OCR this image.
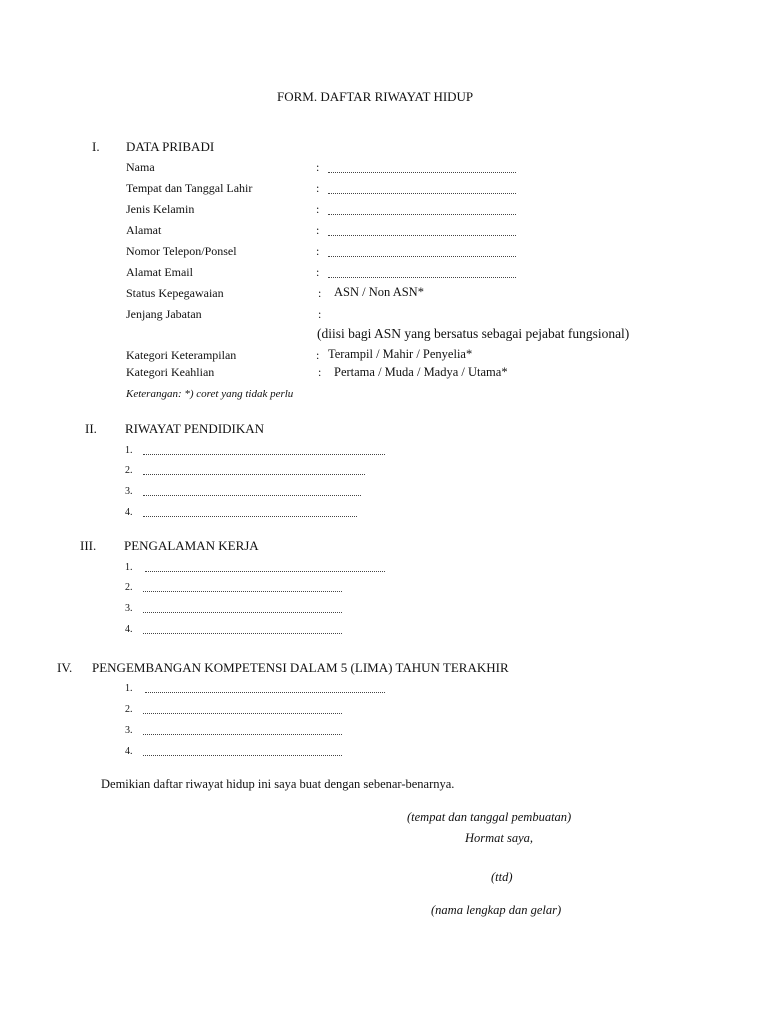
FORM. DAFTAR RIWAYAT HIDUP
I. DATA PRIBADI
Nama	:
Tempat dan Tanggal Lahir	:
Jenis Kelamin	:
Alamat	:
Nomor Telepon/Ponsel	:
Alamat Email	:
Status Kepegawaian	: ASN / Non ASN*
Jenjang Jabatan	:
(diisi bagi ASN yang bersatus sebagai pejabat fungsional)
Kategori Keterampilan	: Terampil / Mahir / Penyelia*
Kategori Keahlian	: Pertama / Muda / Madya / Utama*
Keterangan: *) coret yang tidak perlu
II. RIWAYAT PENDIDIKAN
1.
2.
3.
4.
III. PENGALAMAN KERJA
1.
2.
3.
4.
IV. PENGEMBANGAN KOMPETENSI DALAM 5 (LIMA) TAHUN TERAKHIR
1.
2.
3.
4.
Demikian daftar riwayat hidup ini saya buat dengan sebenar-benarnya.
(tempat dan tanggal pembuatan)
Hormat saya,
(ttd)
(nama lengkap dan gelar)
